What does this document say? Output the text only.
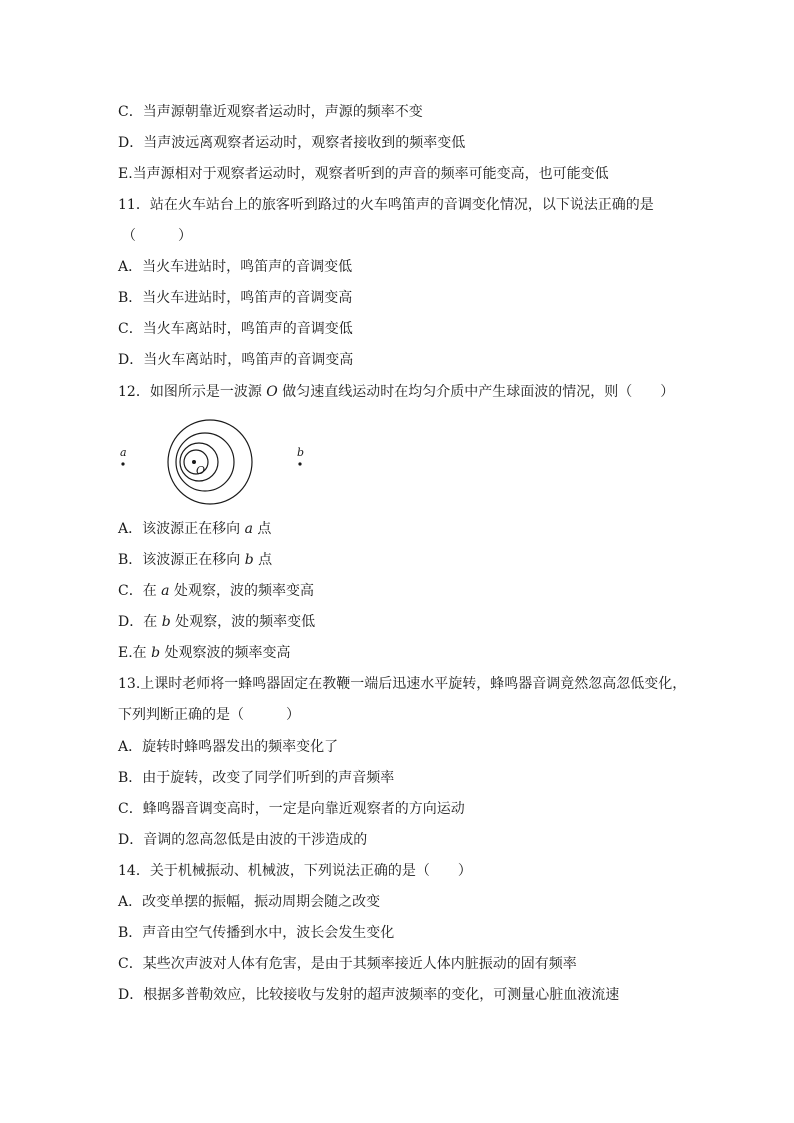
C．当声源朝靠近观察者运动时，声源的频率不变
D．当声波远离观察者运动时，观察者接收到的频率变低
E.当声源相对于观察者运动时，观察者听到的声音的频率可能变高，也可能变低
11．站在火车站台上的旅客听到路过的火车鸣笛声的音调变化情况，以下说法正确的是
（　　　）
A．当火车进站时，鸣笛声的音调变低
B．当火车进站时，鸣笛声的音调变高
C．当火车离站时，鸣笛声的音调变低
D．当火车离站时，鸣笛声的音调变高
12．如图所示是一波源 O 做匀速直线运动时在均匀介质中产生球面波的情况，则（　　）
a	b
O
A．该波源正在移向 a 点
B．该波源正在移向 b 点
C．在 a 处观察，波的频率变高
D．在 b 处观察，波的频率变低
E.在 b 处观察波的频率变高
13.上课时老师将一蜂鸣器固定在教鞭一端后迅速水平旋转，蜂鸣器音调竟然忽高忽低变化，
下列判断正确的是（　　　）
A．旋转时蜂鸣器发出的频率变化了
B．由于旋转，改变了同学们听到的声音频率
C．蜂鸣器音调变高时，一定是向靠近观察者的方向运动
D．音调的忽高忽低是由波的干涉造成的
14．关于机械振动、机械波，下列说法正确的是（　　）
A．改变单摆的振幅，振动周期会随之改变
B．声音由空气传播到水中，波长会发生变化
C．某些次声波对人体有危害，是由于其频率接近人体内脏振动的固有频率
D．根据多普勒效应，比较接收与发射的超声波频率的变化，可测量心脏血液流速
